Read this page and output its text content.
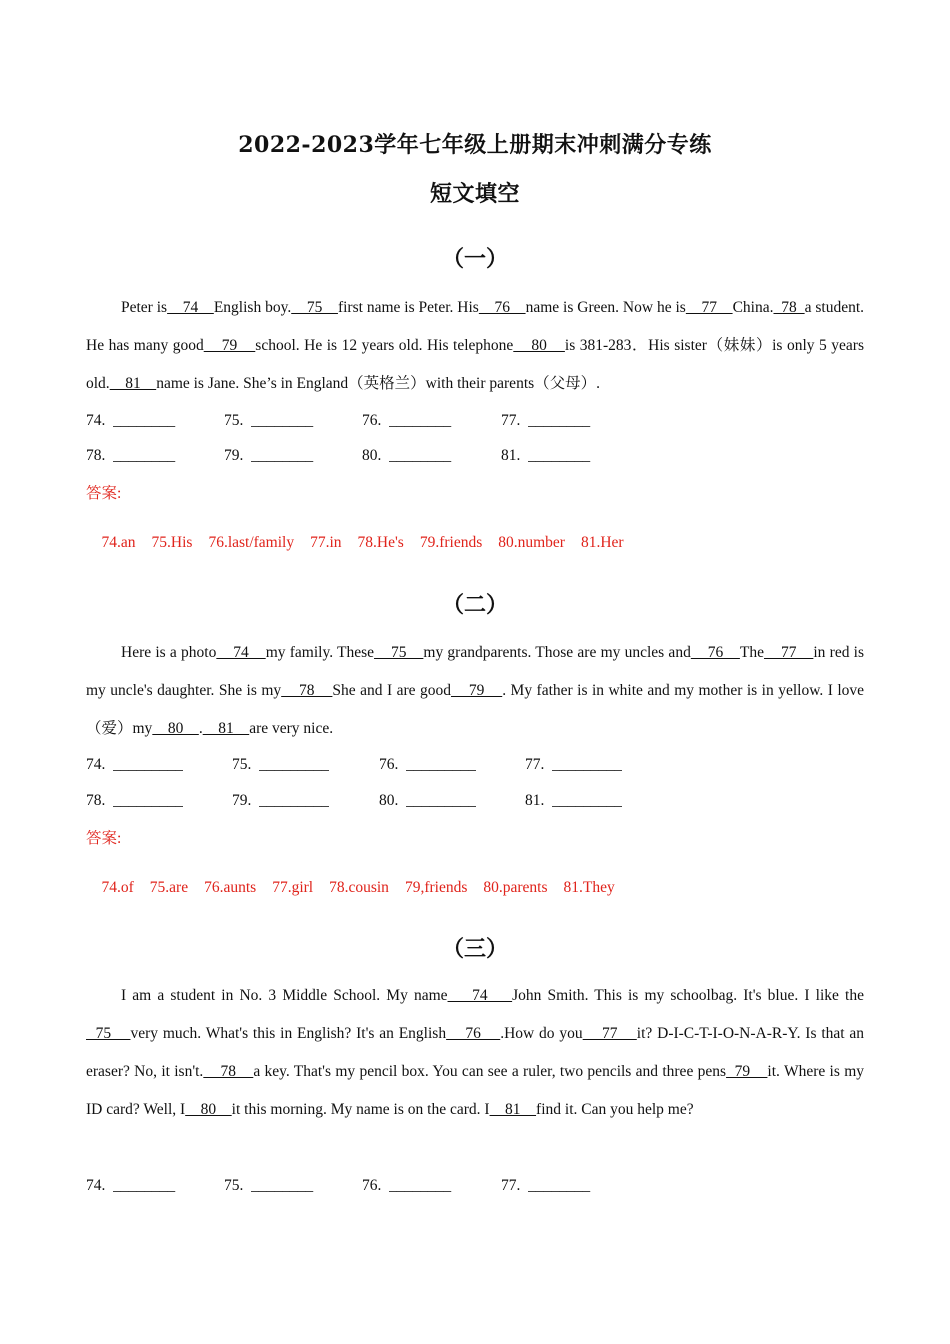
2022-2023学年七年级上册期末冲刺满分专练
短文填空
（一）

Peter is    74    English boy.    75    first name is Peter. His    76    name is Green. Now he is    77    China.  78  a student. He has many good    79    school. He is 12 years old. His telephone    80    is 381-283．His sister（妹妹）is only 5 years old.    81    name is Jane. She’s in England（英格兰）with their parents（父母）.

74.  ________	75.  ________	76.  ________	77.  ________
78.  ________	79.  ________	80.  ________	81.  ________
答案:

74.an 75.His 76.last/family 77.in 78.He's 79.friends 80.number 81.Her

（二）

Here is a photo    74    my family. These    75    my grandparents. Those are my uncles and    76    The    77    in red is my uncle's daughter. She is my    78    She and I are good    79    . My father is in white and my mother is in yellow. I love（爱）my    80    .    81    are very nice.

74.  _________	75.  _________	76.  _________	77.  _________
78.  _________	79.  _________	80.  _________	81.  _________
答案:

74.of 75.are 76.aunts 77.girl 78.cousin 79,friends 80.parents 81.They

（三）

I am a student in No. 3 Middle School. My name    74    John Smith. This is my schoolbag. It's blue. I like the  75    very much. What's this in English? It's an English    76    .How do you    77    it? D-I-C-T-I-O-N-A-R-Y. Is that an eraser? No, it isn't.    78    a key. That's my pencil box. You can see a ruler, two pencils and three pens  79    it. Where is my ID card? Well, I    80    it this morning. My name is on the card. I    81    find it. Can you help me?

74.  ________	75.  ________	76.  ________	77.  ________
